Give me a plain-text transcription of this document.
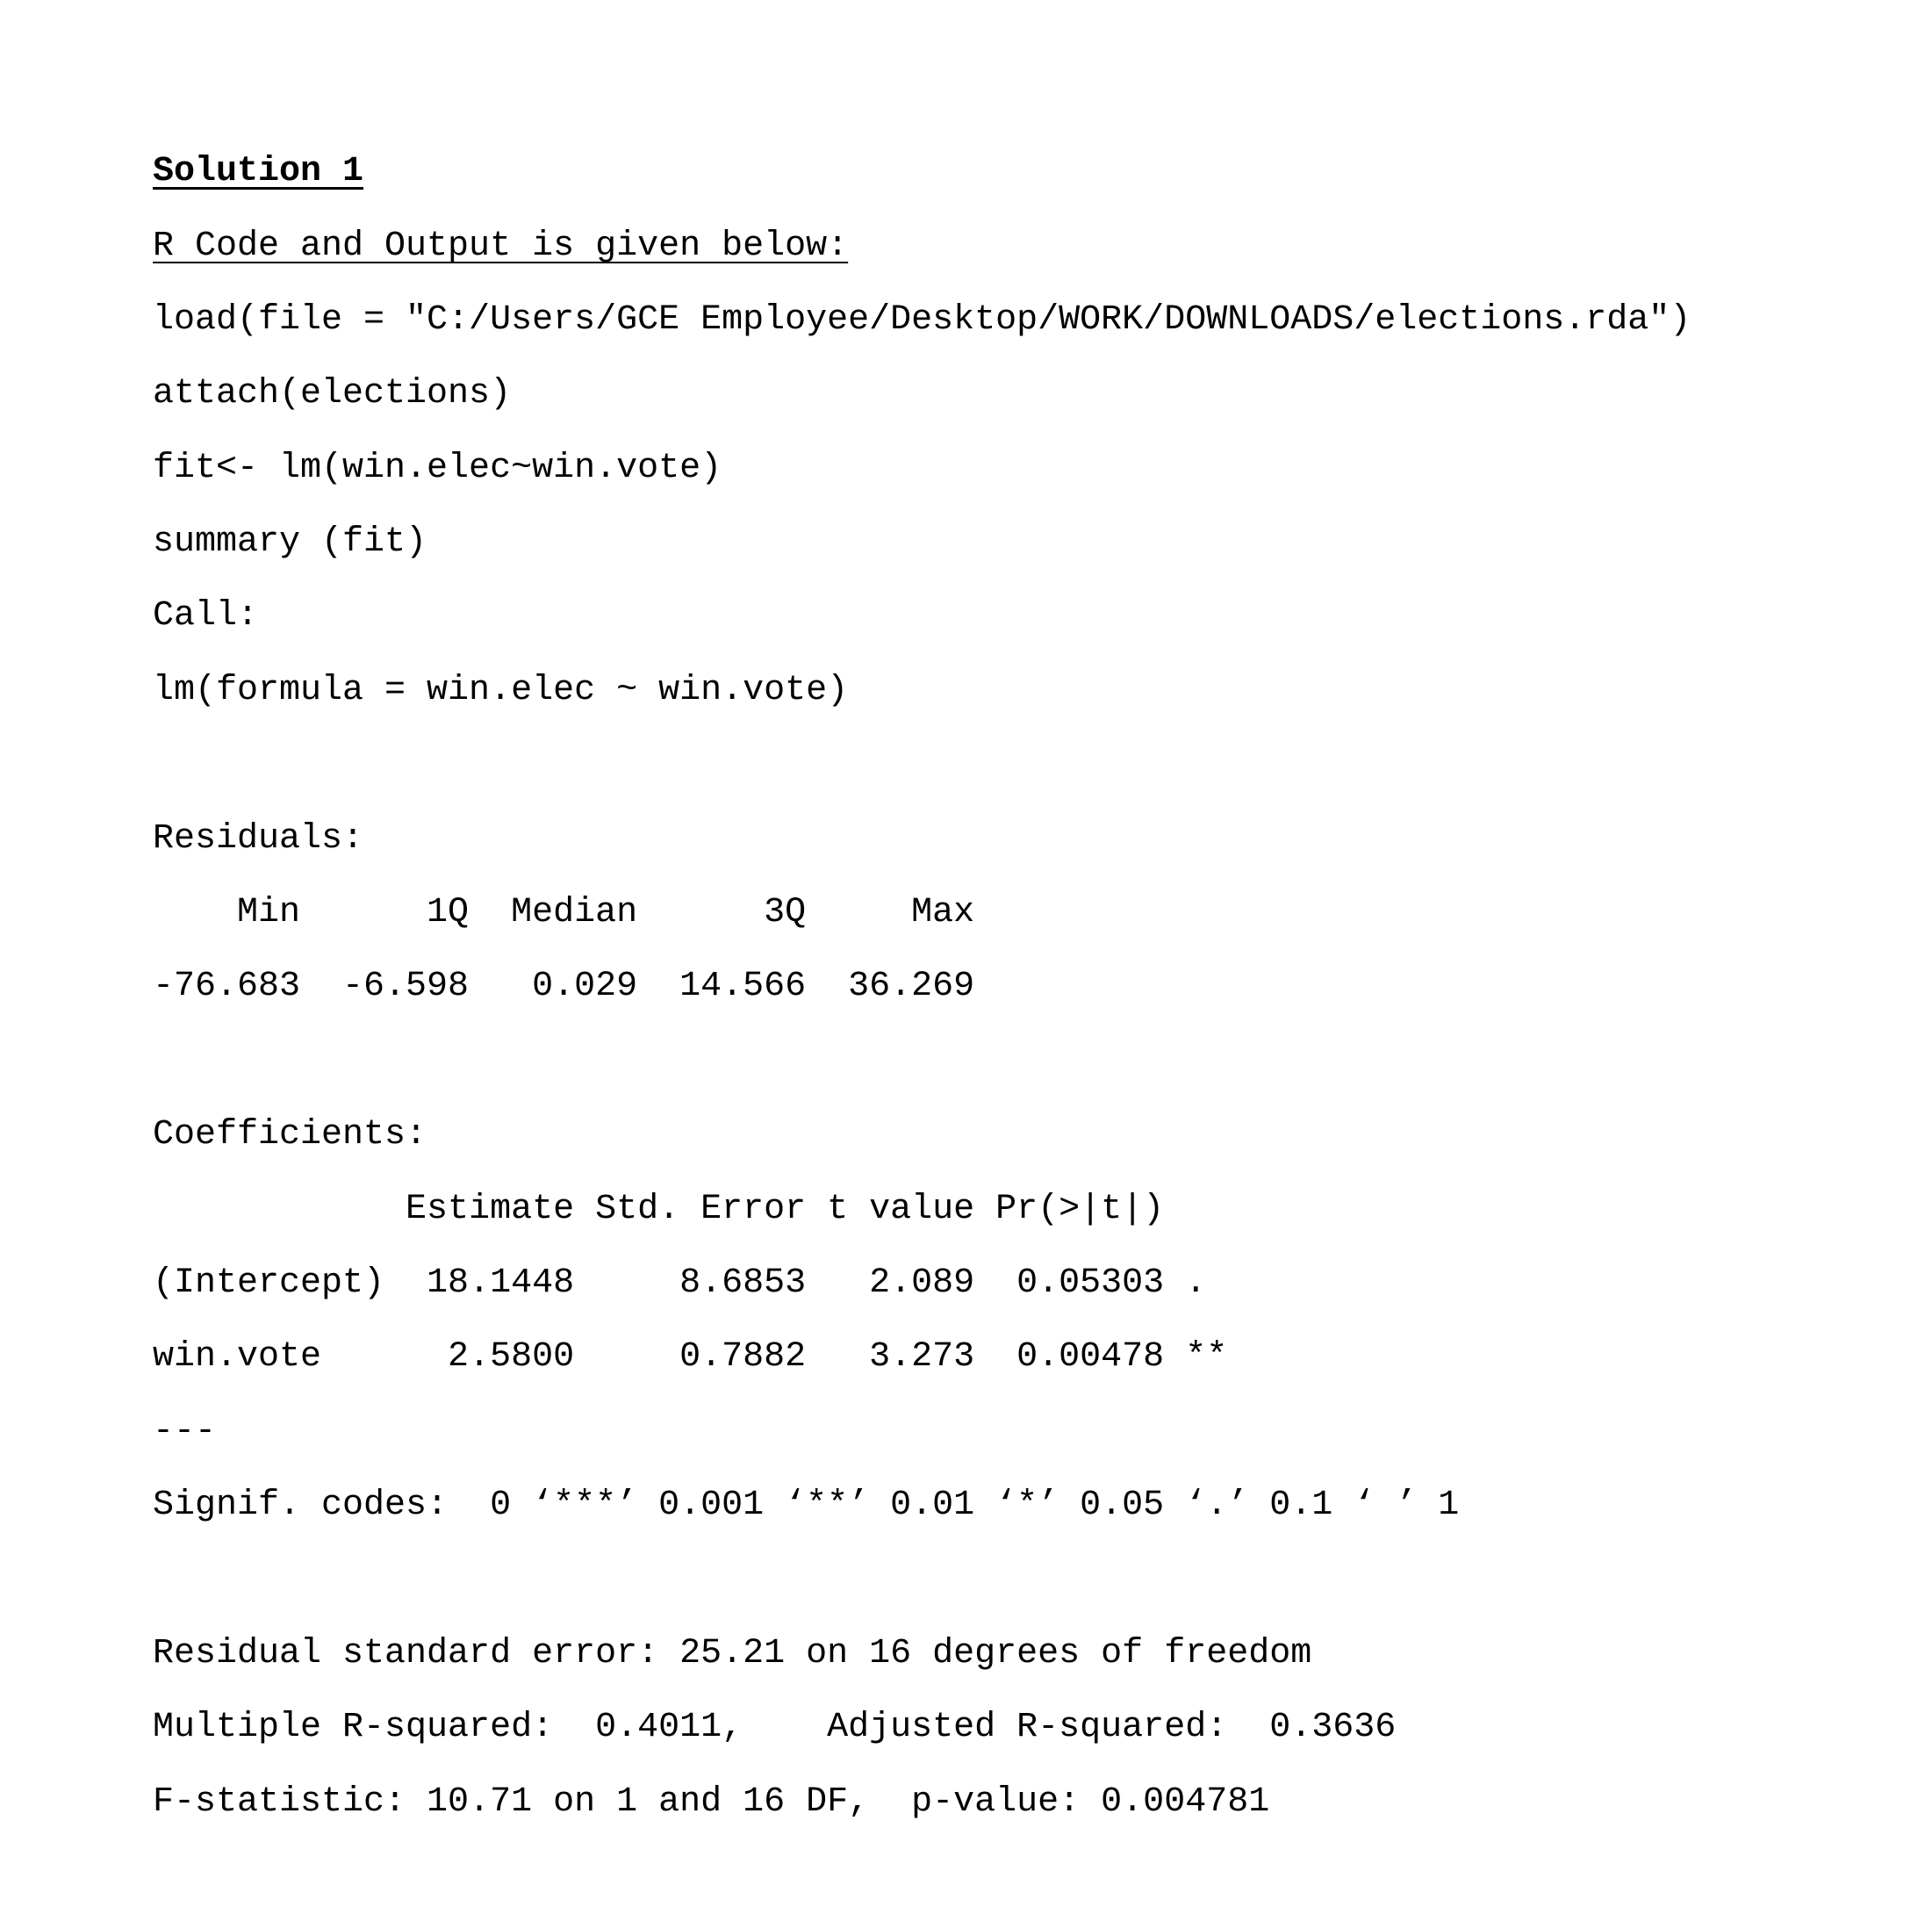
Solution 1
R Code and Output is given below:
load(file = "C:/Users/GCE Employee/Desktop/WORK/DOWNLOADS/elections.rda")
attach(elections)
fit<- lm(win.elec~win.vote)
summary (fit)
Call:
lm(formula = win.elec ~ win.vote)
Residuals:
Min      1Q  Median      3Q     Max
-76.683  -6.598   0.029  14.566  36.269
Coefficients:
Estimate Std. Error t value Pr(>|t|)
(Intercept)  18.1448     8.6853   2.089  0.05303 .
win.vote      2.5800     0.7882   3.273  0.00478 **
---
Signif. codes:  0 ‘***’ 0.001 ‘**’ 0.01 ‘*’ 0.05 ‘.’ 0.1 ‘ ’ 1
Residual standard error: 25.21 on 16 degrees of freedom
Multiple R-squared:  0.4011,    Adjusted R-squared:  0.3636
F-statistic: 10.71 on 1 and 16 DF,  p-value: 0.004781
